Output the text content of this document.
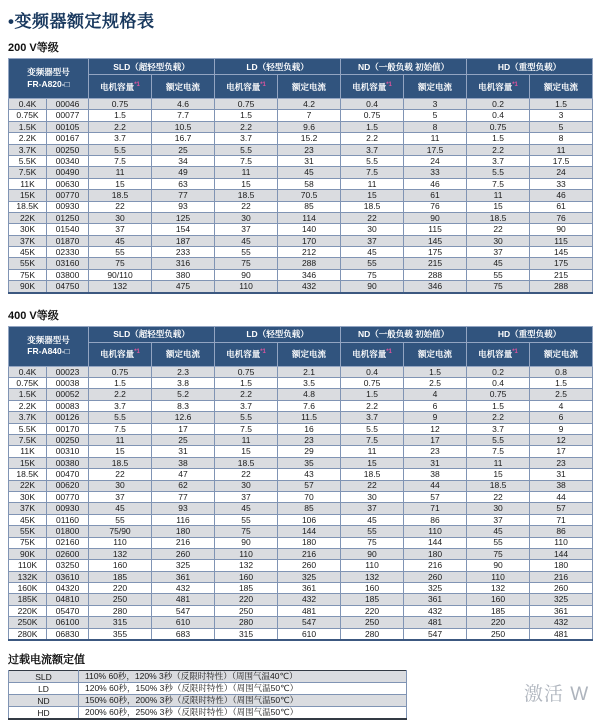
•变频器额定规格表
200 V等级
变频器型号
FR-A820-□		SLD（超轻型负载）		LD（轻型负载）		ND（一般负载 初始值）		HD（重型负载）	
		电机容量$^{*1}$	额定电流	电机容量$^{*1}$	额定电流	电机容量$^{*1}$	额定电流	电机容量$^{*1}$	额定电流
0.4K	00046	0.75	4.6	0.75	4.2	0.4	3	0.2	1.5
0.75K	00077	1.5	7.7	1.5	7	0.75	5	0.4	3
1.5K	00105	2.2	10.5	2.2	9.6	1.5	8	0.75	5
2.2K	00167	3.7	16.7	3.7	15.2	2.2	11	1.5	8
3.7K	00250	5.5	25	5.5	23	3.7	17.5	2.2	11
5.5K	00340	7.5	34	7.5	31	5.5	24	3.7	17.5
7.5K	00490	11	49	11	45	7.5	33	5.5	24
11K	00630	15	63	15	58	11	46	7.5	33
15K	00770	18.5	77	18.5	70.5	15	61	11	46
18.5K	00930	22	93	22	85	18.5	76	15	61
22K	01250	30	125	30	114	22	90	18.5	76
30K	01540	37	154	37	140	30	115	22	90
37K	01870	45	187	45	170	37	145	30	115
45K	02330	55	233	55	212	45	175	37	145
55K	03160	75	316	75	288	55	215	45	175
75K	03800	90/110	380	90	346	75	288	55	215
90K	04750	132	475	110	432	90	346	75	288
400 V等级
变频器型号
FR-A840-□		SLD（超轻型负载）		LD（轻型负载）		ND（一般负载 初始值）		HD（重型负载）	
		电机容量$^{*1}$	额定电流	电机容量$^{*1}$	额定电流	电机容量$^{*1}$	额定电流	电机容量$^{*1}$	额定电流
0.4K	00023	0.75	2.3	0.75	2.1	0.4	1.5	0.2	0.8
0.75K	00038	1.5	3.8	1.5	3.5	0.75	2.5	0.4	1.5
1.5K	00052	2.2	5.2	2.2	4.8	1.5	4	0.75	2.5
2.2K	00083	3.7	8.3	3.7	7.6	2.2	6	1.5	4
3.7K	00126	5.5	12.6	5.5	11.5	3.7	9	2.2	6
5.5K	00170	7.5	17	7.5	16	5.5	12	3.7	9
7.5K	00250	11	25	11	23	7.5	17	5.5	12
11K	00310	15	31	15	29	11	23	7.5	17
15K	00380	18.5	38	18.5	35	15	31	11	23
18.5K	00470	22	47	22	43	18.5	38	15	31
22K	00620	30	62	30	57	22	44	18.5	38
30K	00770	37	77	37	70	30	57	22	44
37K	00930	45	93	45	85	37	71	30	57
45K	01160	55	116	55	106	45	86	37	71
55K	01800	75/90	180	75	144	55	110	45	86
75K	02160	110	216	90	180	75	144	55	110
90K	02600	132	260	110	216	90	180	75	144
110K	03250	160	325	132	260	110	216	90	180
132K	03610	185	361	160	325	132	260	110	216
160K	04320	220	432	185	361	160	325	132	260
185K	04810	250	481	220	432	185	361	160	325
220K	05470	280	547	250	481	220	432	185	361
250K	06100	315	610	280	547	250	481	220	432
280K	06830	355	683	315	610	280	547	250	481
过载电流额定值
SLD	110% 60秒，120% 3秒（反限时特性）（周围气温40℃）
LD	120% 60秒，150% 3秒（反限时特性）（周围气温50℃）
ND	150% 60秒，200% 3秒（反限时特性）（周围气温50℃）
HD	200% 60秒，250% 3秒（反限时特性）（周围气温50℃）
激活 W
